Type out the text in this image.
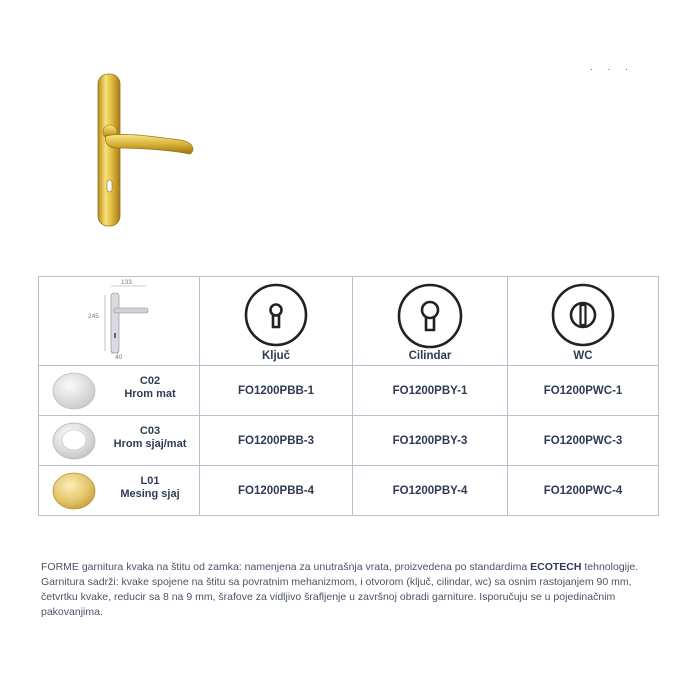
. . .
133
245
40	Ključ	Cilindar	WC

C02
Hrom mat	FO1200PBB-1	FO1200PBY-1	FO1200PWC-1

C03
Hrom sjaj/mat	FO1200PBB-3	FO1200PBY-3	FO1200PWC-3

L01
Mesing sjaj	FO1200PBB-4	FO1200PBY-4	FO1200PWC-4
FORME garnitura kvaka na štitu od zamka: namenjena za unutrašnja vrata, proizvedena po standardima ECOTECH tehnologije. Garnitura sadrži: kvake spojene na štitu sa povratnim mehanizmom, i otvorom (ključ, cilindar, wc) sa osnim rastojanjem 90 mm, četvrtku kvake, reducir sa 8 na 9 mm, šrafove za vidljivo šrafljenje u završnoj obradi garniture. Isporučuju se u pojedinačnim pakovanjima.
